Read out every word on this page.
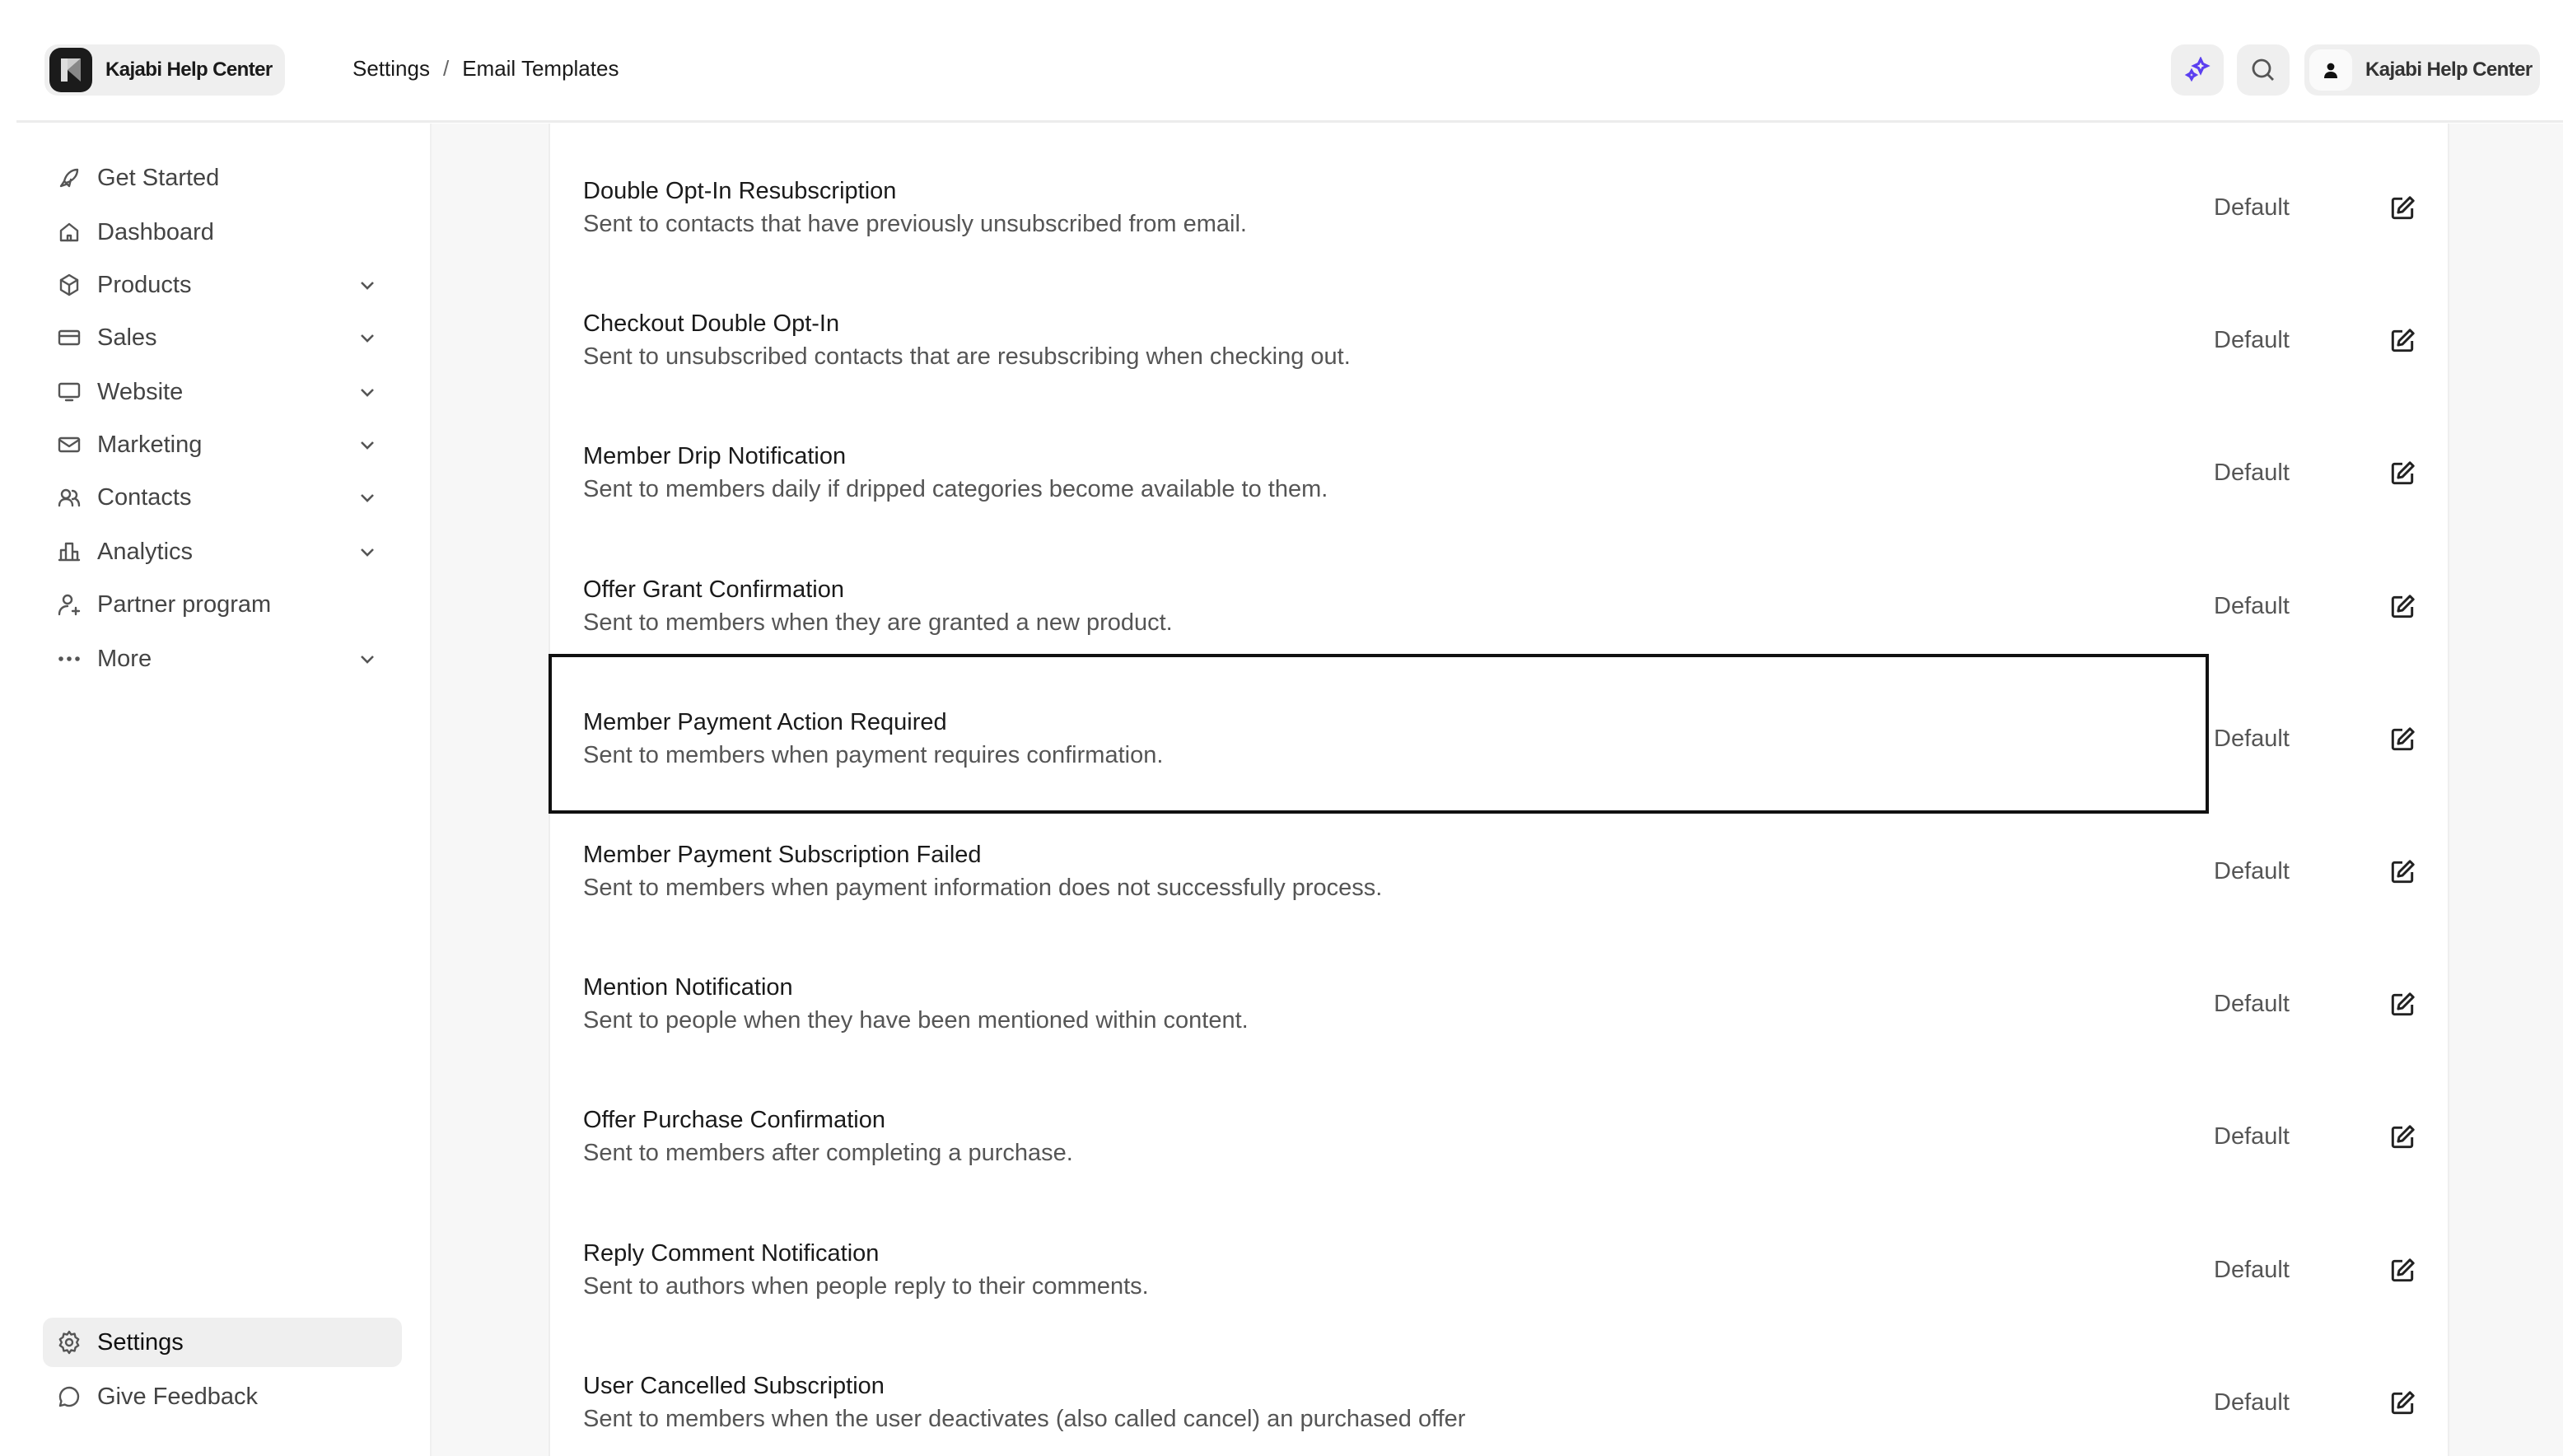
Kajabi Help Center	Settings / Email Templates	Kajabi Help Center
Get Started
Dashboard
Products
Sales
Website
Marketing
Contacts
Analytics
Partner program
More
Settings
Give Feedback
Double Opt-In Resubscription
Sent to contacts that have previously unsubscribed from email.
Default
Checkout Double Opt-In
Sent to unsubscribed contacts that are resubscribing when checking out.
Default
Member Drip Notification
Sent to members daily if dripped categories become available to them.
Default
Offer Grant Confirmation
Sent to members when they are granted a new product.
Default
Member Payment Action Required
Sent to members when payment requires confirmation.
Default
Member Payment Subscription Failed
Sent to members when payment information does not successfully process.
Default
Mention Notification
Sent to people when they have been mentioned within content.
Default
Offer Purchase Confirmation
Sent to members after completing a purchase.
Default
Reply Comment Notification
Sent to authors when people reply to their comments.
Default
User Cancelled Subscription
Sent to members when the user deactivates (also called cancel) an purchased offer
Default
